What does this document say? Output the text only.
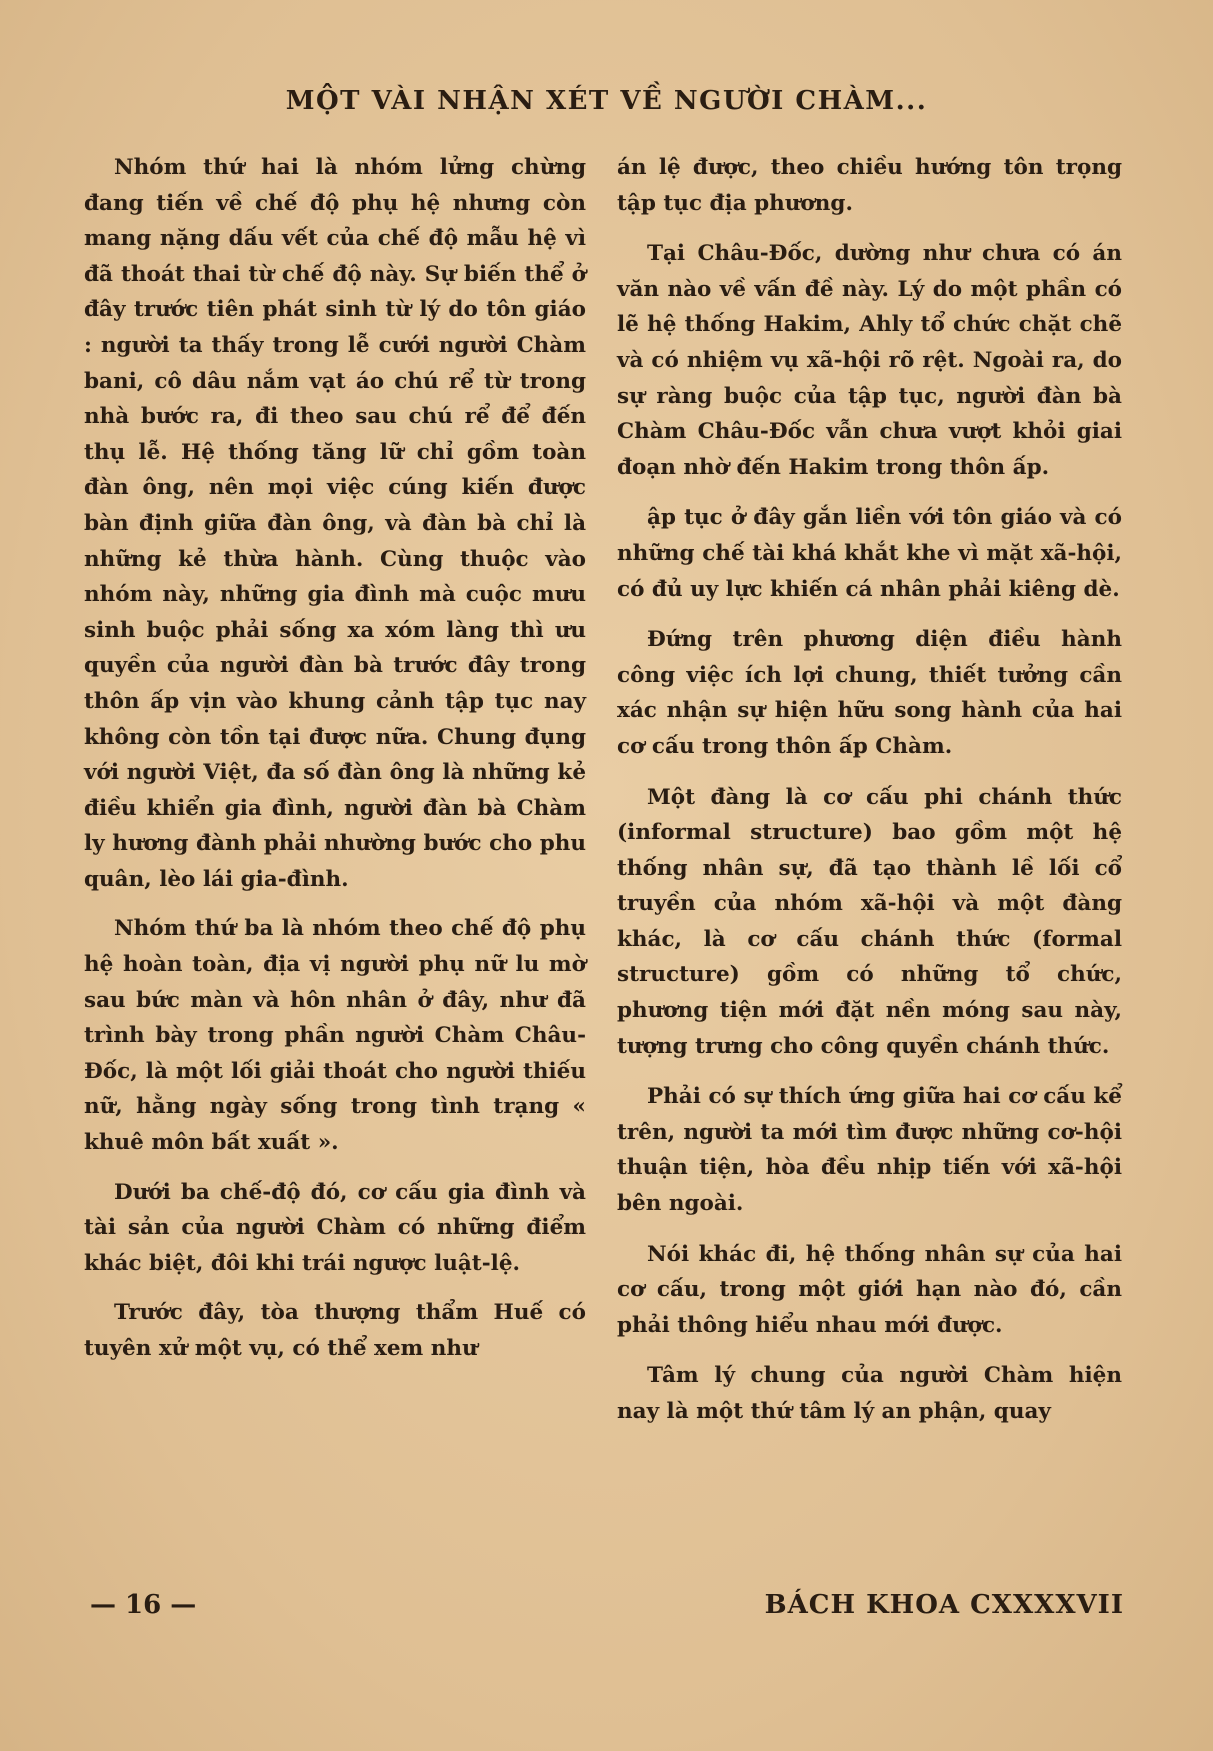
MỘT VÀI NHẬN XÉT VỀ NGƯỜI CHÀM...

Nhóm thứ hai là nhóm lửng chừng đang tiến về chế độ phụ hệ nhưng còn mang nặng dấu vết của chế độ mẫu hệ vì đã thoát thai từ chế độ này. Sự biến thể ở đây trước tiên phát sinh từ lý do tôn giáo : người ta thấy trong lễ cưới người Chàm bani, cô dâu nắm vạt áo chú rể từ trong nhà bước ra, đi theo sau chú rể để đến thụ lễ. Hệ thống tăng lữ chỉ gồm toàn đàn ông, nên mọi việc cúng kiến được bàn định giữa đàn ông, và đàn bà chỉ là những kẻ thừa hành. Cùng thuộc vào nhóm này, những gia đình mà cuộc mưu sinh buộc phải sống xa xóm làng thì ưu quyền của người đàn bà trước đây trong thôn ấp vịn vào khung cảnh tập tục nay không còn tồn tại được nữa. Chung đụng với người Việt, đa số đàn ông là những kẻ điều khiển gia đình, người đàn bà Chàm ly hương đành phải nhường bước cho phu quân, lèo lái gia-đình.

Nhóm thứ ba là nhóm theo chế độ phụ hệ hoàn toàn, địa vị người phụ nữ lu mờ sau bức màn và hôn nhân ở đây, như đã trình bày trong phần người Chàm Châu-Đốc, là một lối giải thoát cho người thiếu nữ, hằng ngày sống trong tình trạng « khuê môn bất xuất ».

Dưới ba chế-độ đó, cơ cấu gia đình và tài sản của người Chàm có những điểm khác biệt, đôi khi trái ngược luật-lệ.

Trước đây, tòa thượng thẩm Huế có tuyên xử một vụ, có thể xem như

án lệ được, theo chiều hướng tôn trọng tập tục địa phương.

Tại Châu-Đốc, dường như chưa có án văn nào về vấn đề này. Lý do một phần có lẽ hệ thống Hakim, Ahly tổ chức chặt chẽ và có nhiệm vụ xã-hội rõ rệt. Ngoài ra, do sự ràng buộc của tập tục, người đàn bà Chàm Châu-Đốc vẫn chưa vượt khỏi giai đoạn nhờ đến Hakim trong thôn ấp.

ập tục ở đây gắn liền với tôn giáo và có những chế tài khá khắt khe vì mặt xã-hội, có đủ uy lực khiến cá nhân phải kiêng dè.

Đứng trên phương diện điều hành công việc ích lợi chung, thiết tưởng cần xác nhận sự hiện hữu song hành của hai cơ cấu trong thôn ấp Chàm.

Một đàng là cơ cấu phi chánh thức (informal structure) bao gồm một hệ thống nhân sự, đã tạo thành lề lối cổ truyền của nhóm xã-hội và một đàng khác, là cơ cấu chánh thức (formal structure) gồm có những tổ chức, phương tiện mới đặt nền móng sau này, tượng trưng cho công quyền chánh thức.

Phải có sự thích ứng giữa hai cơ cấu kể trên, người ta mới tìm được những cơ-hội thuận tiện, hòa đều nhịp tiến với xã-hội bên ngoài.

Nói khác đi, hệ thống nhân sự của hai cơ cấu, trong một giới hạn nào đó, cần phải thông hiểu nhau mới được.

Tâm lý chung của người Chàm hiện nay là một thứ tâm lý an phận, quay

— 16 —	BÁCH KHOA CXXXXVII
